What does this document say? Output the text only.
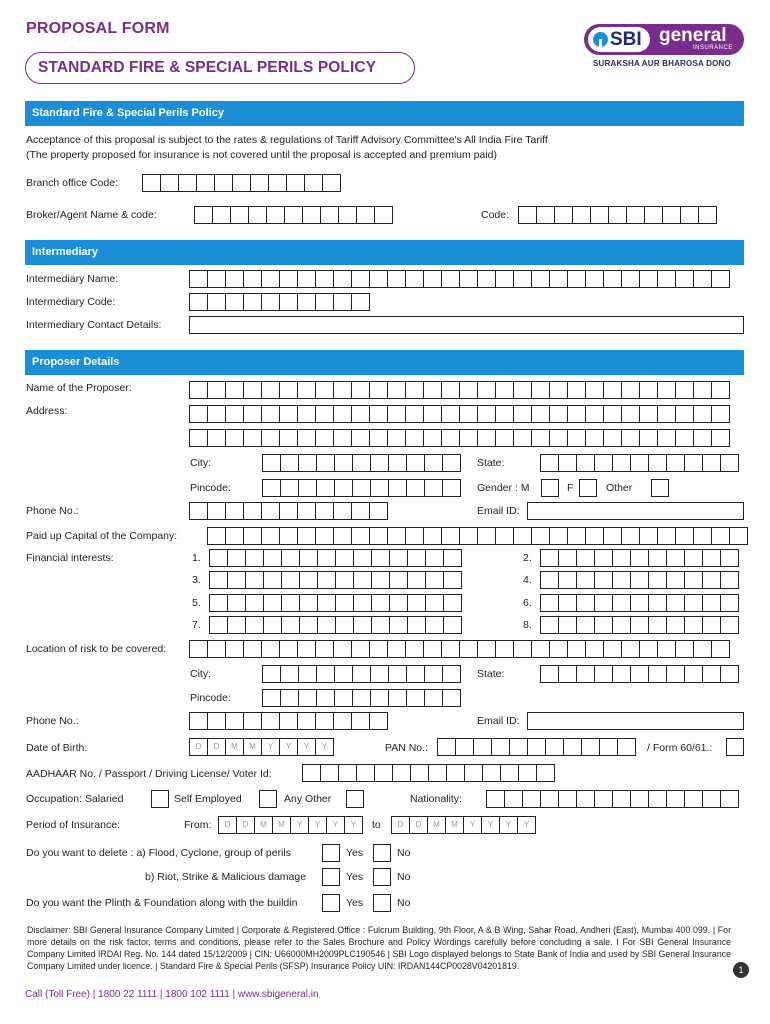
PROPOSAL FORM
STANDARD FIRE & SPECIAL PERILS POLICY
SBI general
INSURANCE
SURAKSHA AUR BHAROSA DONO
Standard Fire & Special Perils Policy
Acceptance of this proposal is subject to the rates & regulations of Tariff Advisory Committee's All India Fire Tariff
(The property proposed for insurance is not covered until the proposal is accepted and premium paid)
Branch office Code:
Broker/Agent Name & code:	Code:
Intermediary
Intermediary Name:
Intermediary Code:
Intermediary Contact Details:
Proposer Details
Name of the Proposer:
Address:
City:	State:
Pincode:	Gender : M	F	Other
Phone No.:	Email ID:
Paid up Capital of the Company:
Financial interests:	1.	2.
3.	4.
5.	6.
7.	8.
Location of risk to be covered:
City:	State:
Pincode:
Phone No.:	Email ID:
Date of Birth:	D	D	M	M	Y	Y	Y	Y	PAN No.:	/ Form 60/61.:
AADHAAR No. / Passport / Driving License/ Voter Id:
Occupation: Salaried	Self Employed	Any Other	Nationality:
Period of Insurance:	From:	D	D	M	M	Y	Y	Y	Y	to	D	D	M	M	Y	Y	Y	Y
Do you want to delete : a) Flood, Cyclone, group of perils	Yes	No
b) Riot, Strike & Malicious damage	Yes	No
Do you want the Plinth & Foundation along with the buildin	Yes	No
Disclaimer: SBI General Insurance Company Limited | Corporate & Registered Office : Fulcrum Building, 9th Floor, A & B Wing, Sahar Road, Andheri (East), Mumbai 400 099. | For more details on the risk factor, terms and conditions, please refer to the Sales Brochure and Policy Wordings carefully before concluding a sale. I For SBI General Insurance Company Limited IRDAI Reg. No. 144 dated 15/12/2009 | CIN: U66000MH2009PLC190546 | SBI Logo displayed belongs to State Bank of India and used by SBI General Insurance Company Limited under licence. | Standard Fire & Special Perils (SFSP) Insurance Policy UIN: IRDAN144CP0028V04201819.	1
Call (Toll Free) | 1800 22 1111 | 1800 102 1111 | www.sbigeneral.in
